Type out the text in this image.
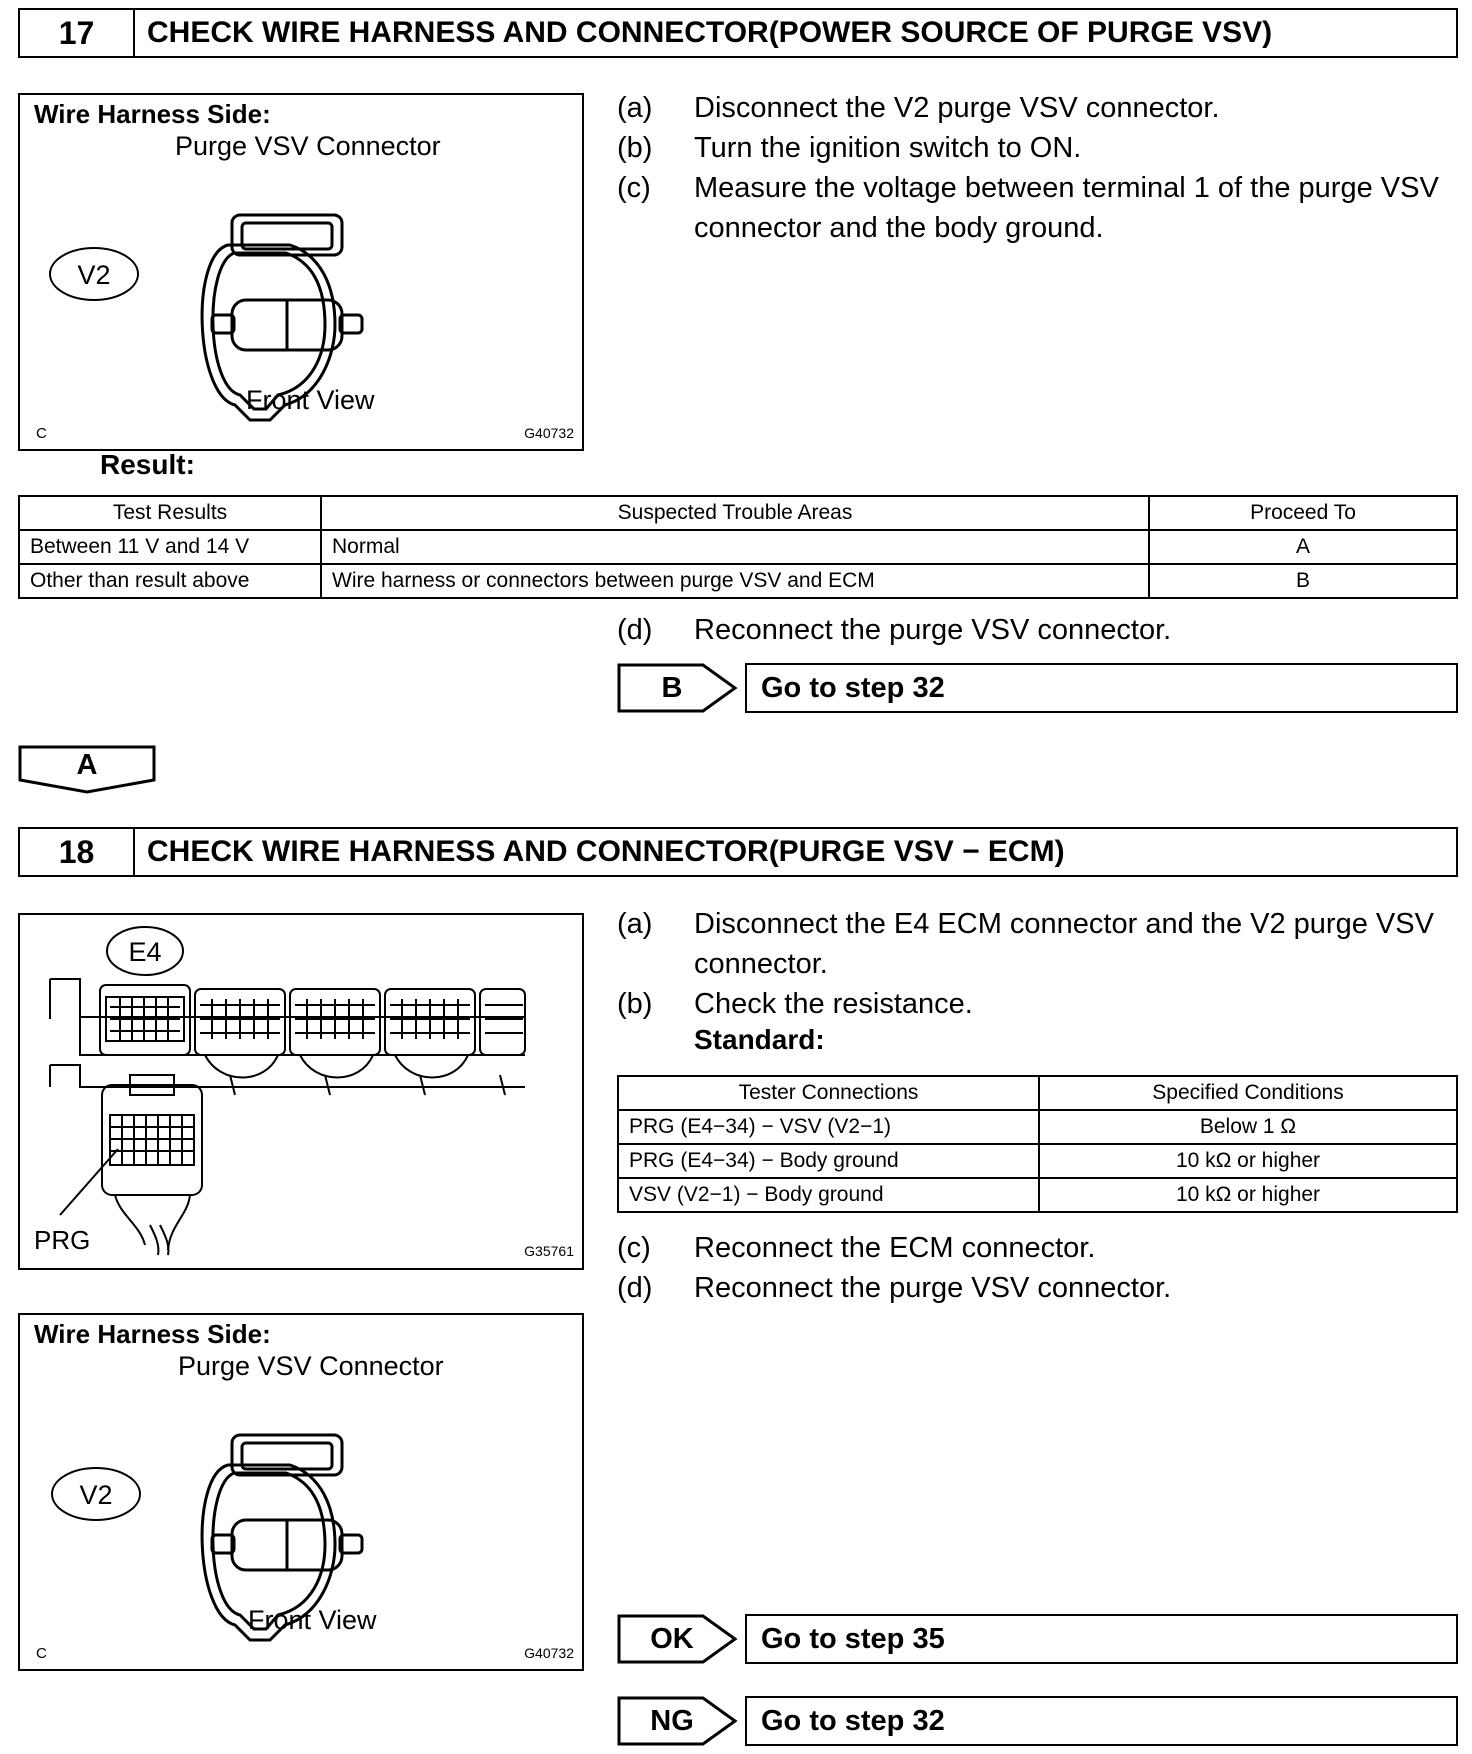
17	CHECK WIRE HARNESS AND CONNECTOR(POWER SOURCE OF PURGE VSV)
Wire Harness Side:
Purge VSV Connector
V2
Front View
C	G40732
(a)	Disconnect the V2 purge VSV connector.
(b)	Turn the ignition switch to ON.
(c)	Measure the voltage between terminal 1 of the purge VSV connector and the body ground.
Result:
Test Results	Suspected Trouble Areas	Proceed To
Between 11 V and 14 V	Normal	A
Other than result above	Wire harness or connectors between purge VSV and ECM	B
(d)	Reconnect the purge VSV connector.
B	Go to step 32
A
18	CHECK WIRE HARNESS AND CONNECTOR(PURGE VSV − ECM)
E4
PRG	G35761
Wire Harness Side:
Purge VSV Connector
V2
Front View
C	G40732
(a)	Disconnect the E4 ECM connector and the V2 purge VSV connector.
(b)	Check the resistance.
Standard:
Tester Connections	Specified Conditions
PRG (E4−34) − VSV (V2−1)	Below 1 Ω
PRG (E4−34) − Body ground	10 kΩ or higher
VSV (V2−1) − Body ground	10 kΩ or higher
(c)	Reconnect the ECM connector.
(d)	Reconnect the purge VSV connector.
OK	Go to step 35
NG	Go to step 32
